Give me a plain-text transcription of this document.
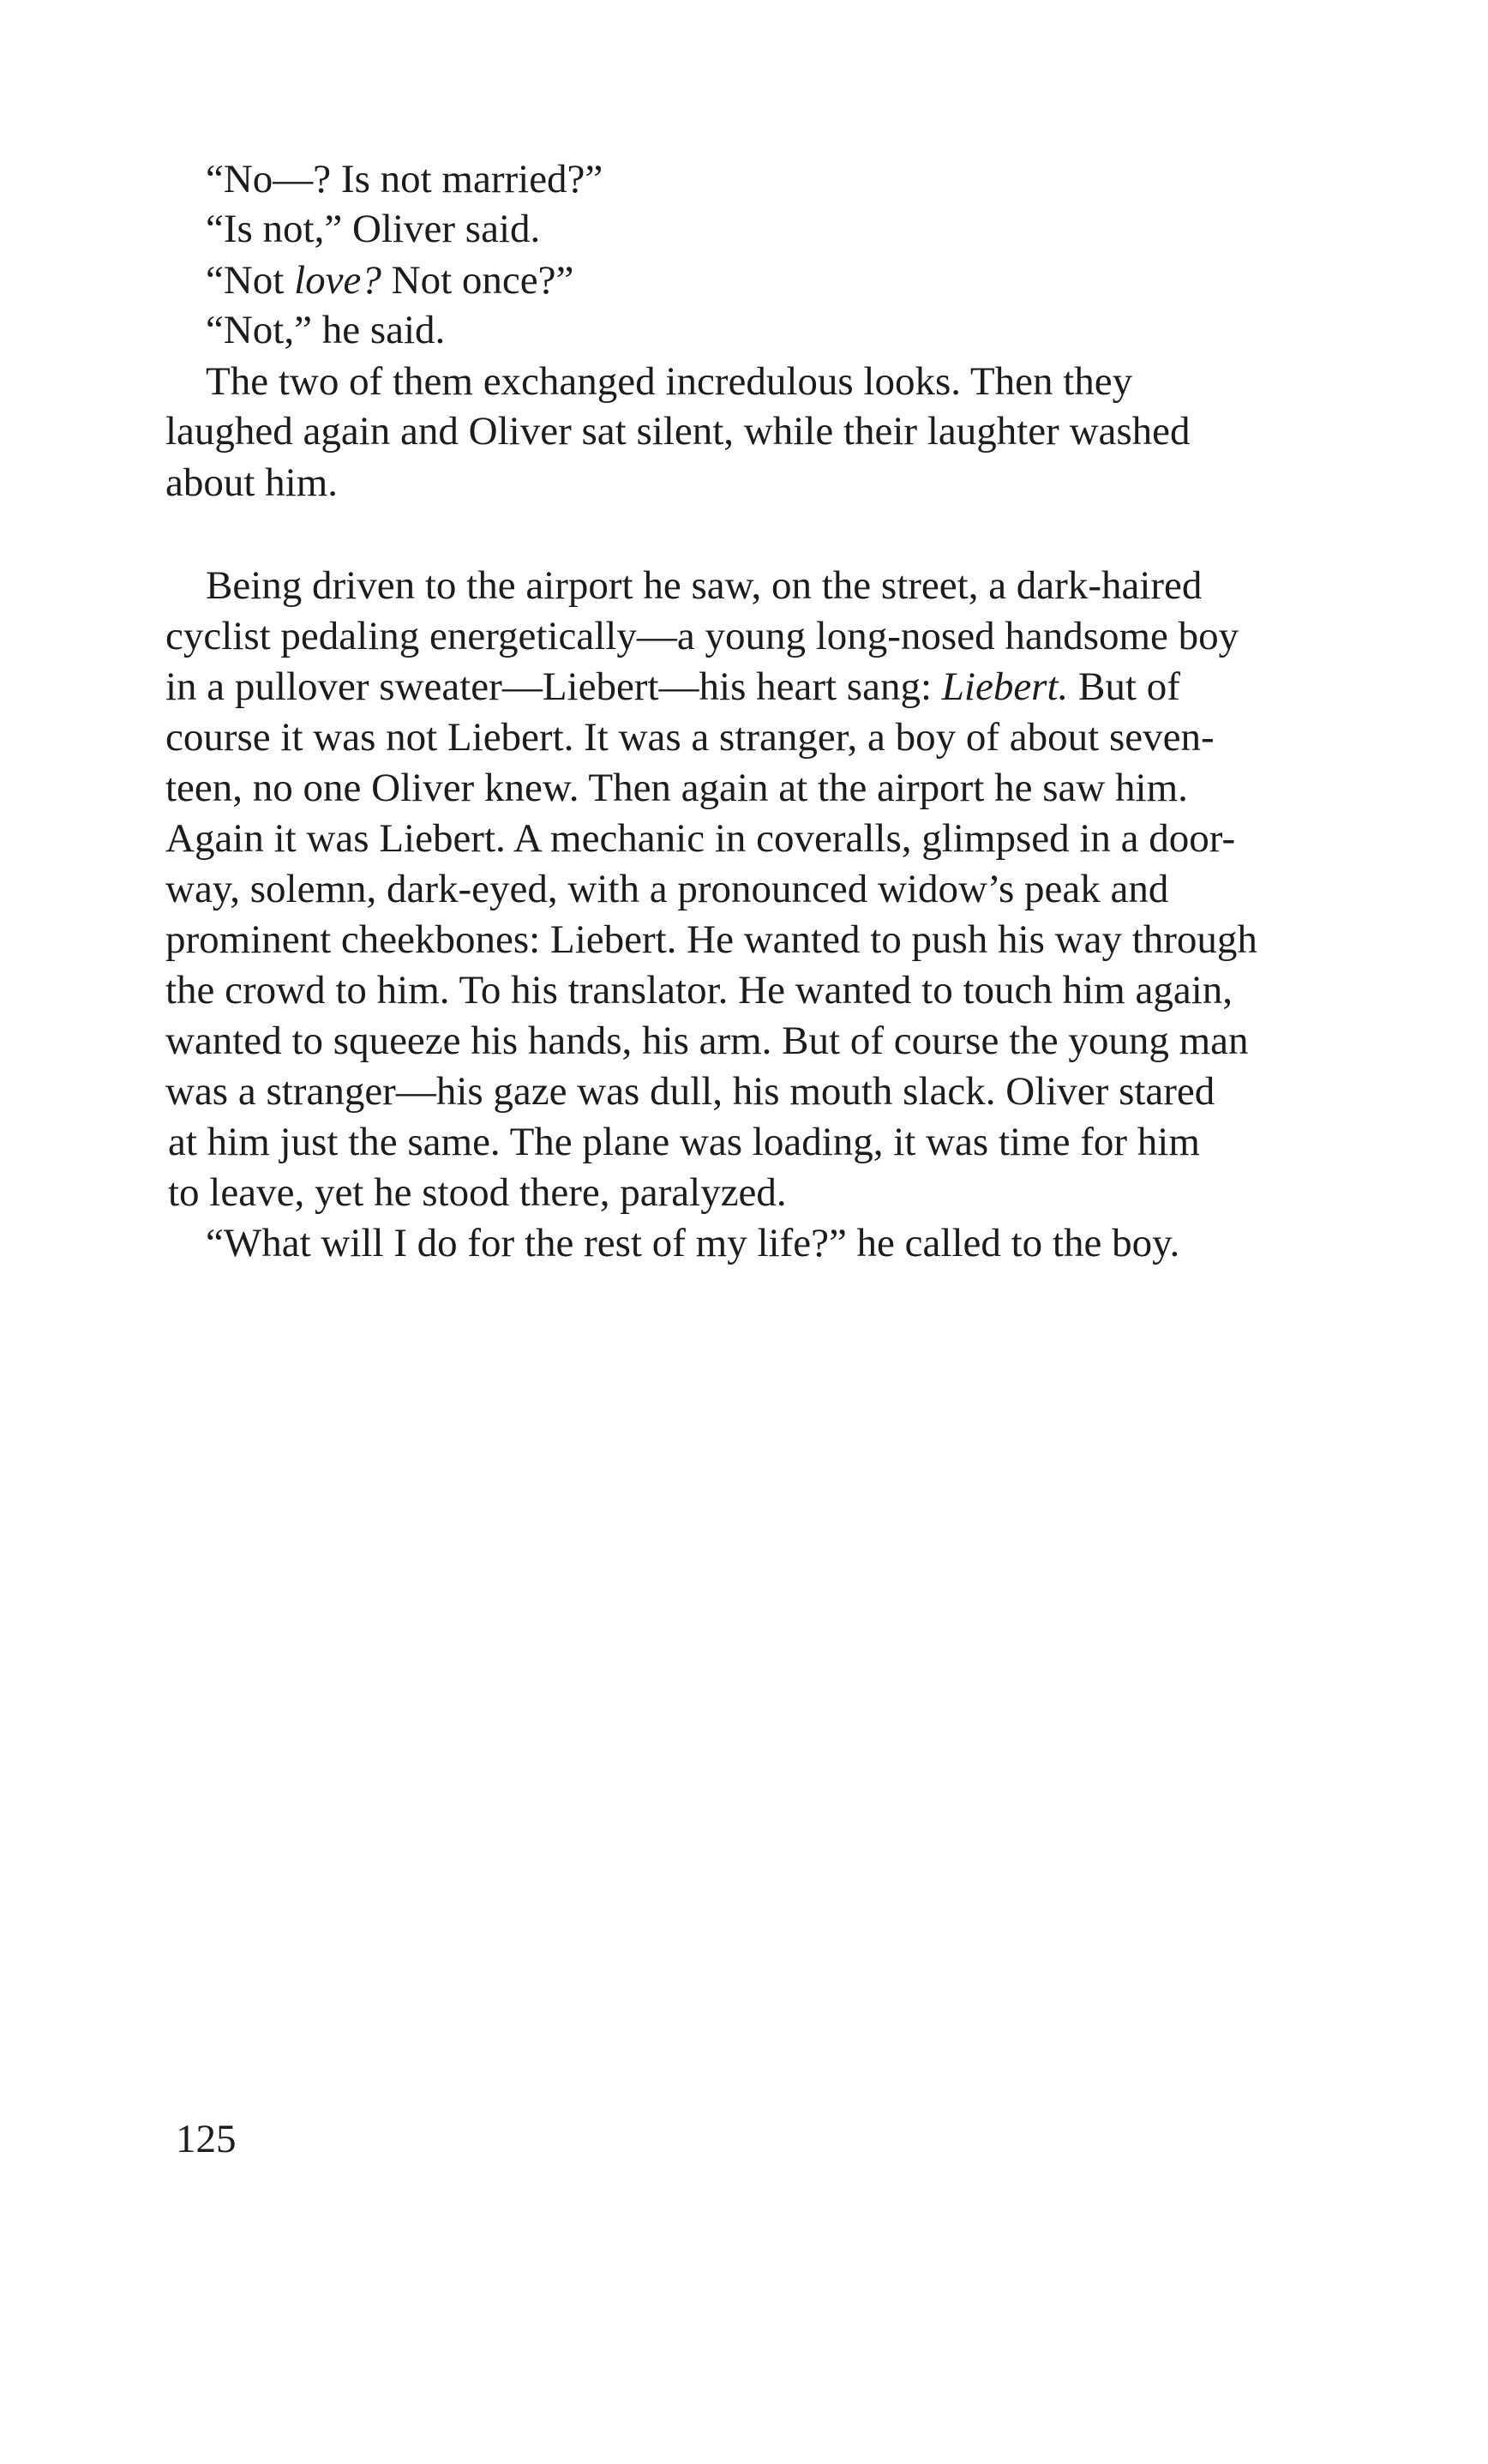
“No—? Is not married?”
“Is not,” Oliver said.
“Not love? Not once?”
“Not,” he said.
The two of them exchanged incredulous looks. Then they
laughed again and Oliver sat silent, while their laughter washed
about him.
Being driven to the airport he saw, on the street, a dark-haired
cyclist pedaling energetically—a young long-nosed handsome boy
in a pullover sweater—Liebert—his heart sang: Liebert. But of
course it was not Liebert. It was a stranger, a boy of about seven-
teen, no one Oliver knew. Then again at the airport he saw him.
Again it was Liebert. A mechanic in coveralls, glimpsed in a door-
way, solemn, dark-eyed, with a pronounced widow’s peak and
prominent cheekbones: Liebert. He wanted to push his way through
the crowd to him. To his translator. He wanted to touch him again,
wanted to squeeze his hands, his arm. But of course the young man
was a stranger—his gaze was dull, his mouth slack. Oliver stared
at him just the same. The plane was loading, it was time for him
to leave, yet he stood there, paralyzed.
“What will I do for the rest of my life?” he called to the boy.
125
